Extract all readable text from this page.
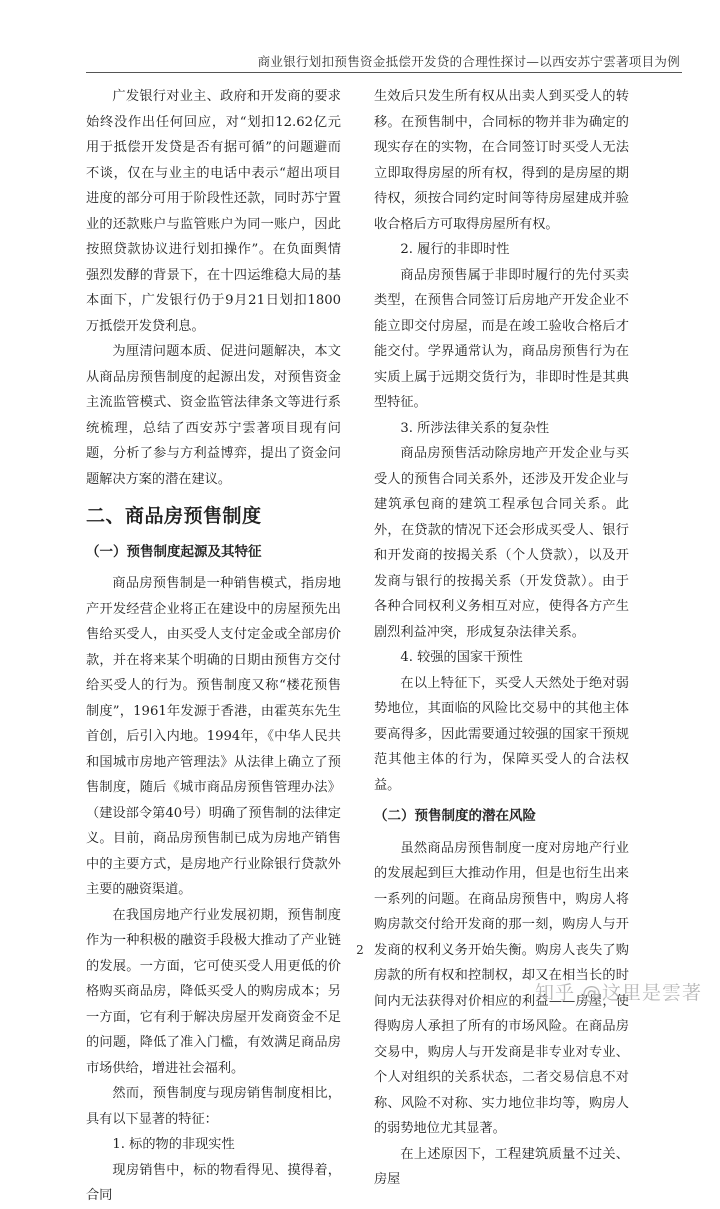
商业银行划扣预售资金抵偿开发贷的合理性探讨—以西安苏宁雲著项目为例

广发银行对业主、政府和开发商的要求始终没作出任何回应，对“划扣12.62亿元用于抵偿开发贷是否有据可循”的问题避而不谈，仅在与业主的电话中表示“超出项目进度的部分可用于阶段性还款，同时苏宁置业的还款账户与监管账户为同一账户，因此按照贷款协议进行划扣操作”。在负面舆情强烈发酵的背景下，在十四运维稳大局的基本面下，广发银行仍于9月21日划扣1800万抵偿开发贷利息。

为厘清问题本质、促进问题解决，本文从商品房预售制度的起源出发，对预售资金主流监管模式、资金监管法律条文等进行系统梳理，总结了西安苏宁雲著项目现有问题，分析了参与方利益博弈，提出了资金问题解决方案的潜在建议。

二、商品房预售制度
（一）预售制度起源及其特征

商品房预售制是一种销售模式，指房地产开发经营企业将正在建设中的房屋预先出售给买受人，由买受人支付定金或全部房价款，并在将来某个明确的日期由预售方交付给买受人的行为。预售制度又称“楼花预售制度”，1961年发源于香港，由霍英东先生首创，后引入内地。1994年，《中华人民共和国城市房地产管理法》从法律上确立了预售制度，随后《城市商品房预售管理办法》（建设部令第40号）明确了预售制的法律定义。目前，商品房预售制已成为房地产销售中的主要方式，是房地产行业除银行贷款外主要的融资渠道。

在我国房地产行业发展初期，预售制度作为一种积极的融资手段极大推动了产业链的发展。一方面，它可使买受人用更低的价格购买商品房，降低买受人的购房成本；另一方面，它有利于解决房屋开发商资金不足的问题，降低了准入门槛，有效满足商品房市场供给，增进社会福利。

然而，预售制度与现房销售制度相比，具有以下显著的特征：

1. 标的物的非现实性

现房销售中，标的物看得见、摸得着，合同

生效后只发生所有权从出卖人到买受人的转移。在预售制中，合同标的物并非为确定的现实存在的实物，在合同签订时买受人无法立即取得房屋的所有权，得到的是房屋的期待权，须按合同约定时间等待房屋建成并验收合格后方可取得房屋所有权。

2. 履行的非即时性

商品房预售属于非即时履行的先付买卖类型，在预售合同签订后房地产开发企业不能立即交付房屋，而是在竣工验收合格后才能交付。学界通常认为，商品房预售行为在实质上属于远期交货行为，非即时性是其典型特征。

3. 所涉法律关系的复杂性

商品房预售活动除房地产开发企业与买受人的预售合同关系外，还涉及开发企业与建筑承包商的建筑工程承包合同关系。此外，在贷款的情况下还会形成买受人、银行和开发商的按揭关系（个人贷款），以及开发商与银行的按揭关系（开发贷款）。由于各种合同权利义务相互对应，使得各方产生剧烈利益冲突，形成复杂法律关系。

4. 较强的国家干预性

在以上特征下，买受人天然处于绝对弱势地位，其面临的风险比交易中的其他主体要高得多，因此需要通过较强的国家干预规范其他主体的行为，保障买受人的合法权益。

（二）预售制度的潜在风险

虽然商品房预售制度一度对房地产行业的发展起到巨大推动作用，但是也衍生出来一系列的问题。在商品房预售中，购房人将购房款交付给开发商的那一刻，购房人与开发商的权利义务开始失衡。购房人丧失了购房款的所有权和控制权，却又在相当长的时间内无法获得对价相应的利益——房屋，使得购房人承担了所有的市场风险。在商品房交易中，购房人与开发商是非专业对专业、个人对组织的关系状态，二者交易信息不对称、风险不对称、实力地位非均等，购房人的弱势地位尤其显著。

在上述原因下，工程建筑质量不过关、房屋

2
知乎 @这里是雲著
